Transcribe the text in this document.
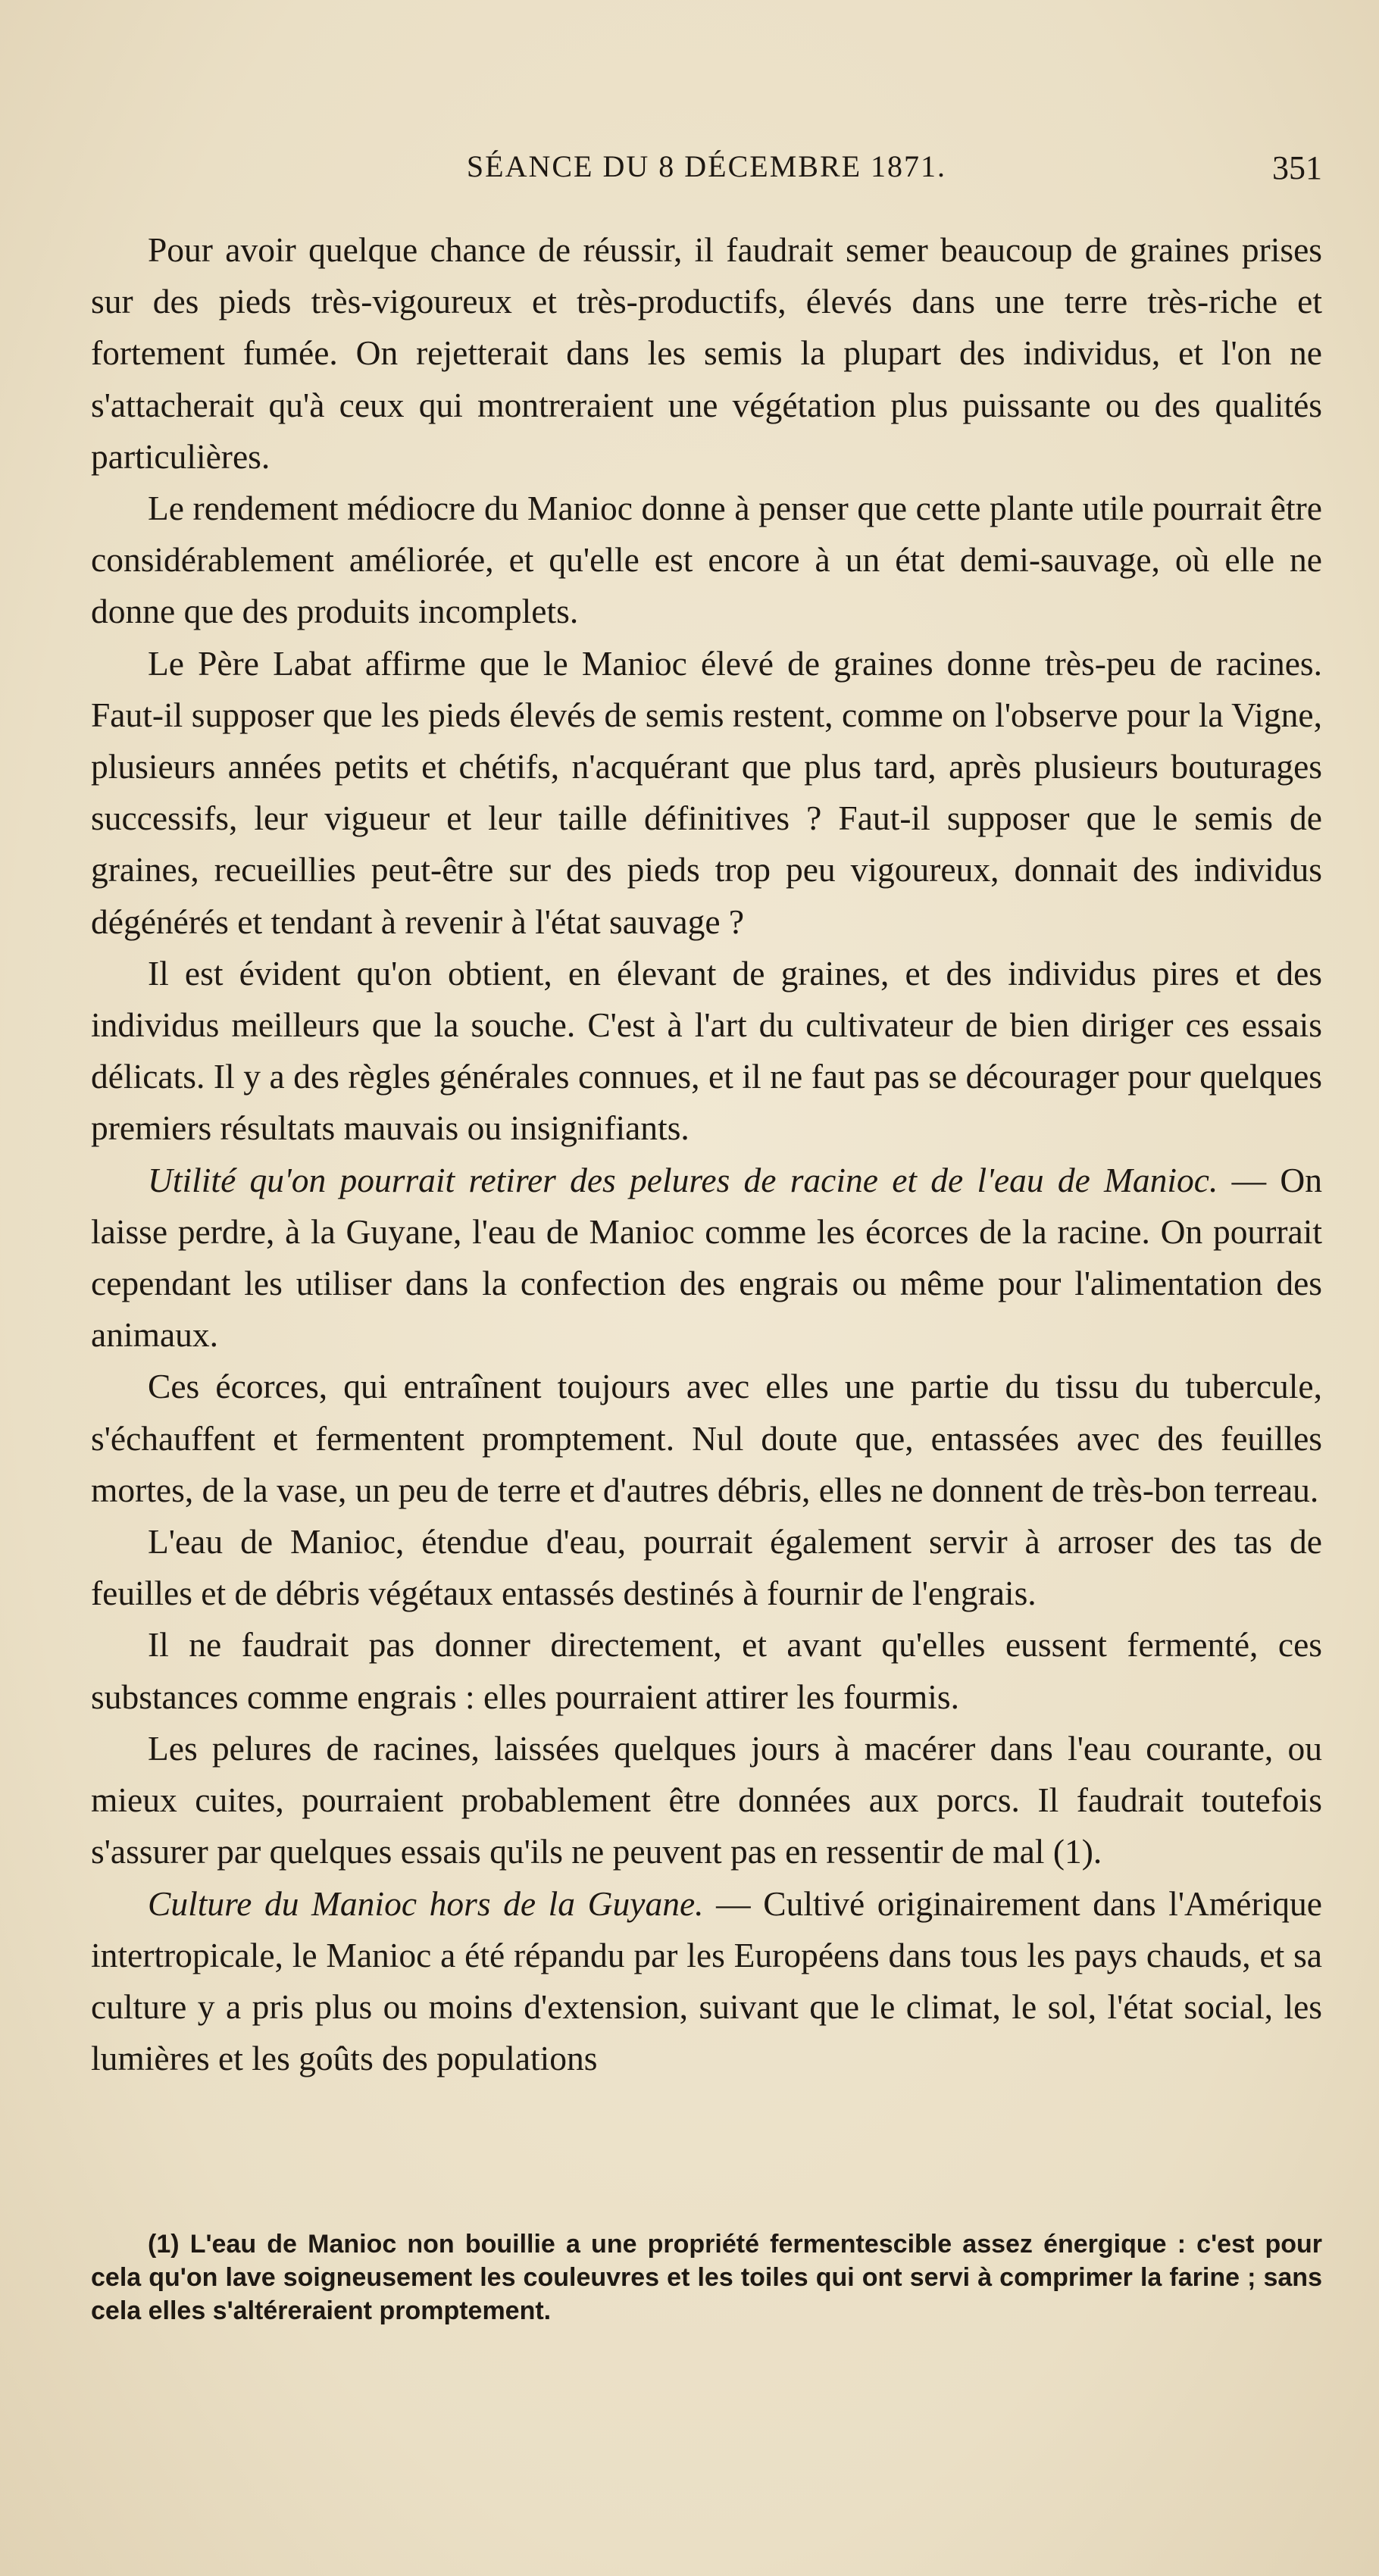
SÉANCE DU 8 DÉCEMBRE 1871.	351

Pour avoir quelque chance de réussir, il faudrait semer beaucoup de graines prises sur des pieds très-vigoureux et très-productifs, élevés dans une terre très-riche et fortement fumée. On rejetterait dans les semis la plupart des individus, et l'on ne s'attacherait qu'à ceux qui montreraient une végétation plus puissante ou des qualités particulières.

Le rendement médiocre du Manioc donne à penser que cette plante utile pourrait être considérablement améliorée, et qu'elle est encore à un état demi-sauvage, où elle ne donne que des produits incomplets.

Le Père Labat affirme que le Manioc élevé de graines donne très-peu de racines. Faut-il supposer que les pieds élevés de semis restent, comme on l'observe pour la Vigne, plusieurs années petits et chétifs, n'acquérant que plus tard, après plusieurs bouturages successifs, leur vigueur et leur taille définitives ? Faut-il supposer que le semis de graines, recueillies peut-être sur des pieds trop peu vigoureux, donnait des individus dégénérés et tendant à revenir à l'état sauvage ?

Il est évident qu'on obtient, en élevant de graines, et des individus pires et des individus meilleurs que la souche. C'est à l'art du cultivateur de bien diriger ces essais délicats. Il y a des règles générales connues, et il ne faut pas se décourager pour quelques premiers résultats mauvais ou insignifiants.

Utilité qu'on pourrait retirer des pelures de racine et de l'eau de Manioc. — On laisse perdre, à la Guyane, l'eau de Manioc comme les écorces de la racine. On pourrait cependant les utiliser dans la confection des engrais ou même pour l'alimentation des animaux.

Ces écorces, qui entraînent toujours avec elles une partie du tissu du tubercule, s'échauffent et fermentent promptement. Nul doute que, entassées avec des feuilles mortes, de la vase, un peu de terre et d'autres débris, elles ne donnent de très-bon terreau.

L'eau de Manioc, étendue d'eau, pourrait également servir à arroser des tas de feuilles et de débris végétaux entassés destinés à fournir de l'engrais.

Il ne faudrait pas donner directement, et avant qu'elles eussent fermenté, ces substances comme engrais : elles pourraient attirer les fourmis.

Les pelures de racines, laissées quelques jours à macérer dans l'eau courante, ou mieux cuites, pourraient probablement être données aux porcs. Il faudrait toutefois s'assurer par quelques essais qu'ils ne peuvent pas en ressentir de mal (1).

Culture du Manioc hors de la Guyane. — Cultivé originairement dans l'Amérique intertropicale, le Manioc a été répandu par les Européens dans tous les pays chauds, et sa culture y a pris plus ou moins d'extension, suivant que le climat, le sol, l'état social, les lumières et les goûts des populations

(1) L'eau de Manioc non bouillie a une propriété fermentescible assez énergique : c'est pour cela qu'on lave soigneusement les couleuvres et les toiles qui ont servi à comprimer la farine ; sans cela elles s'altéreraient promptement.
